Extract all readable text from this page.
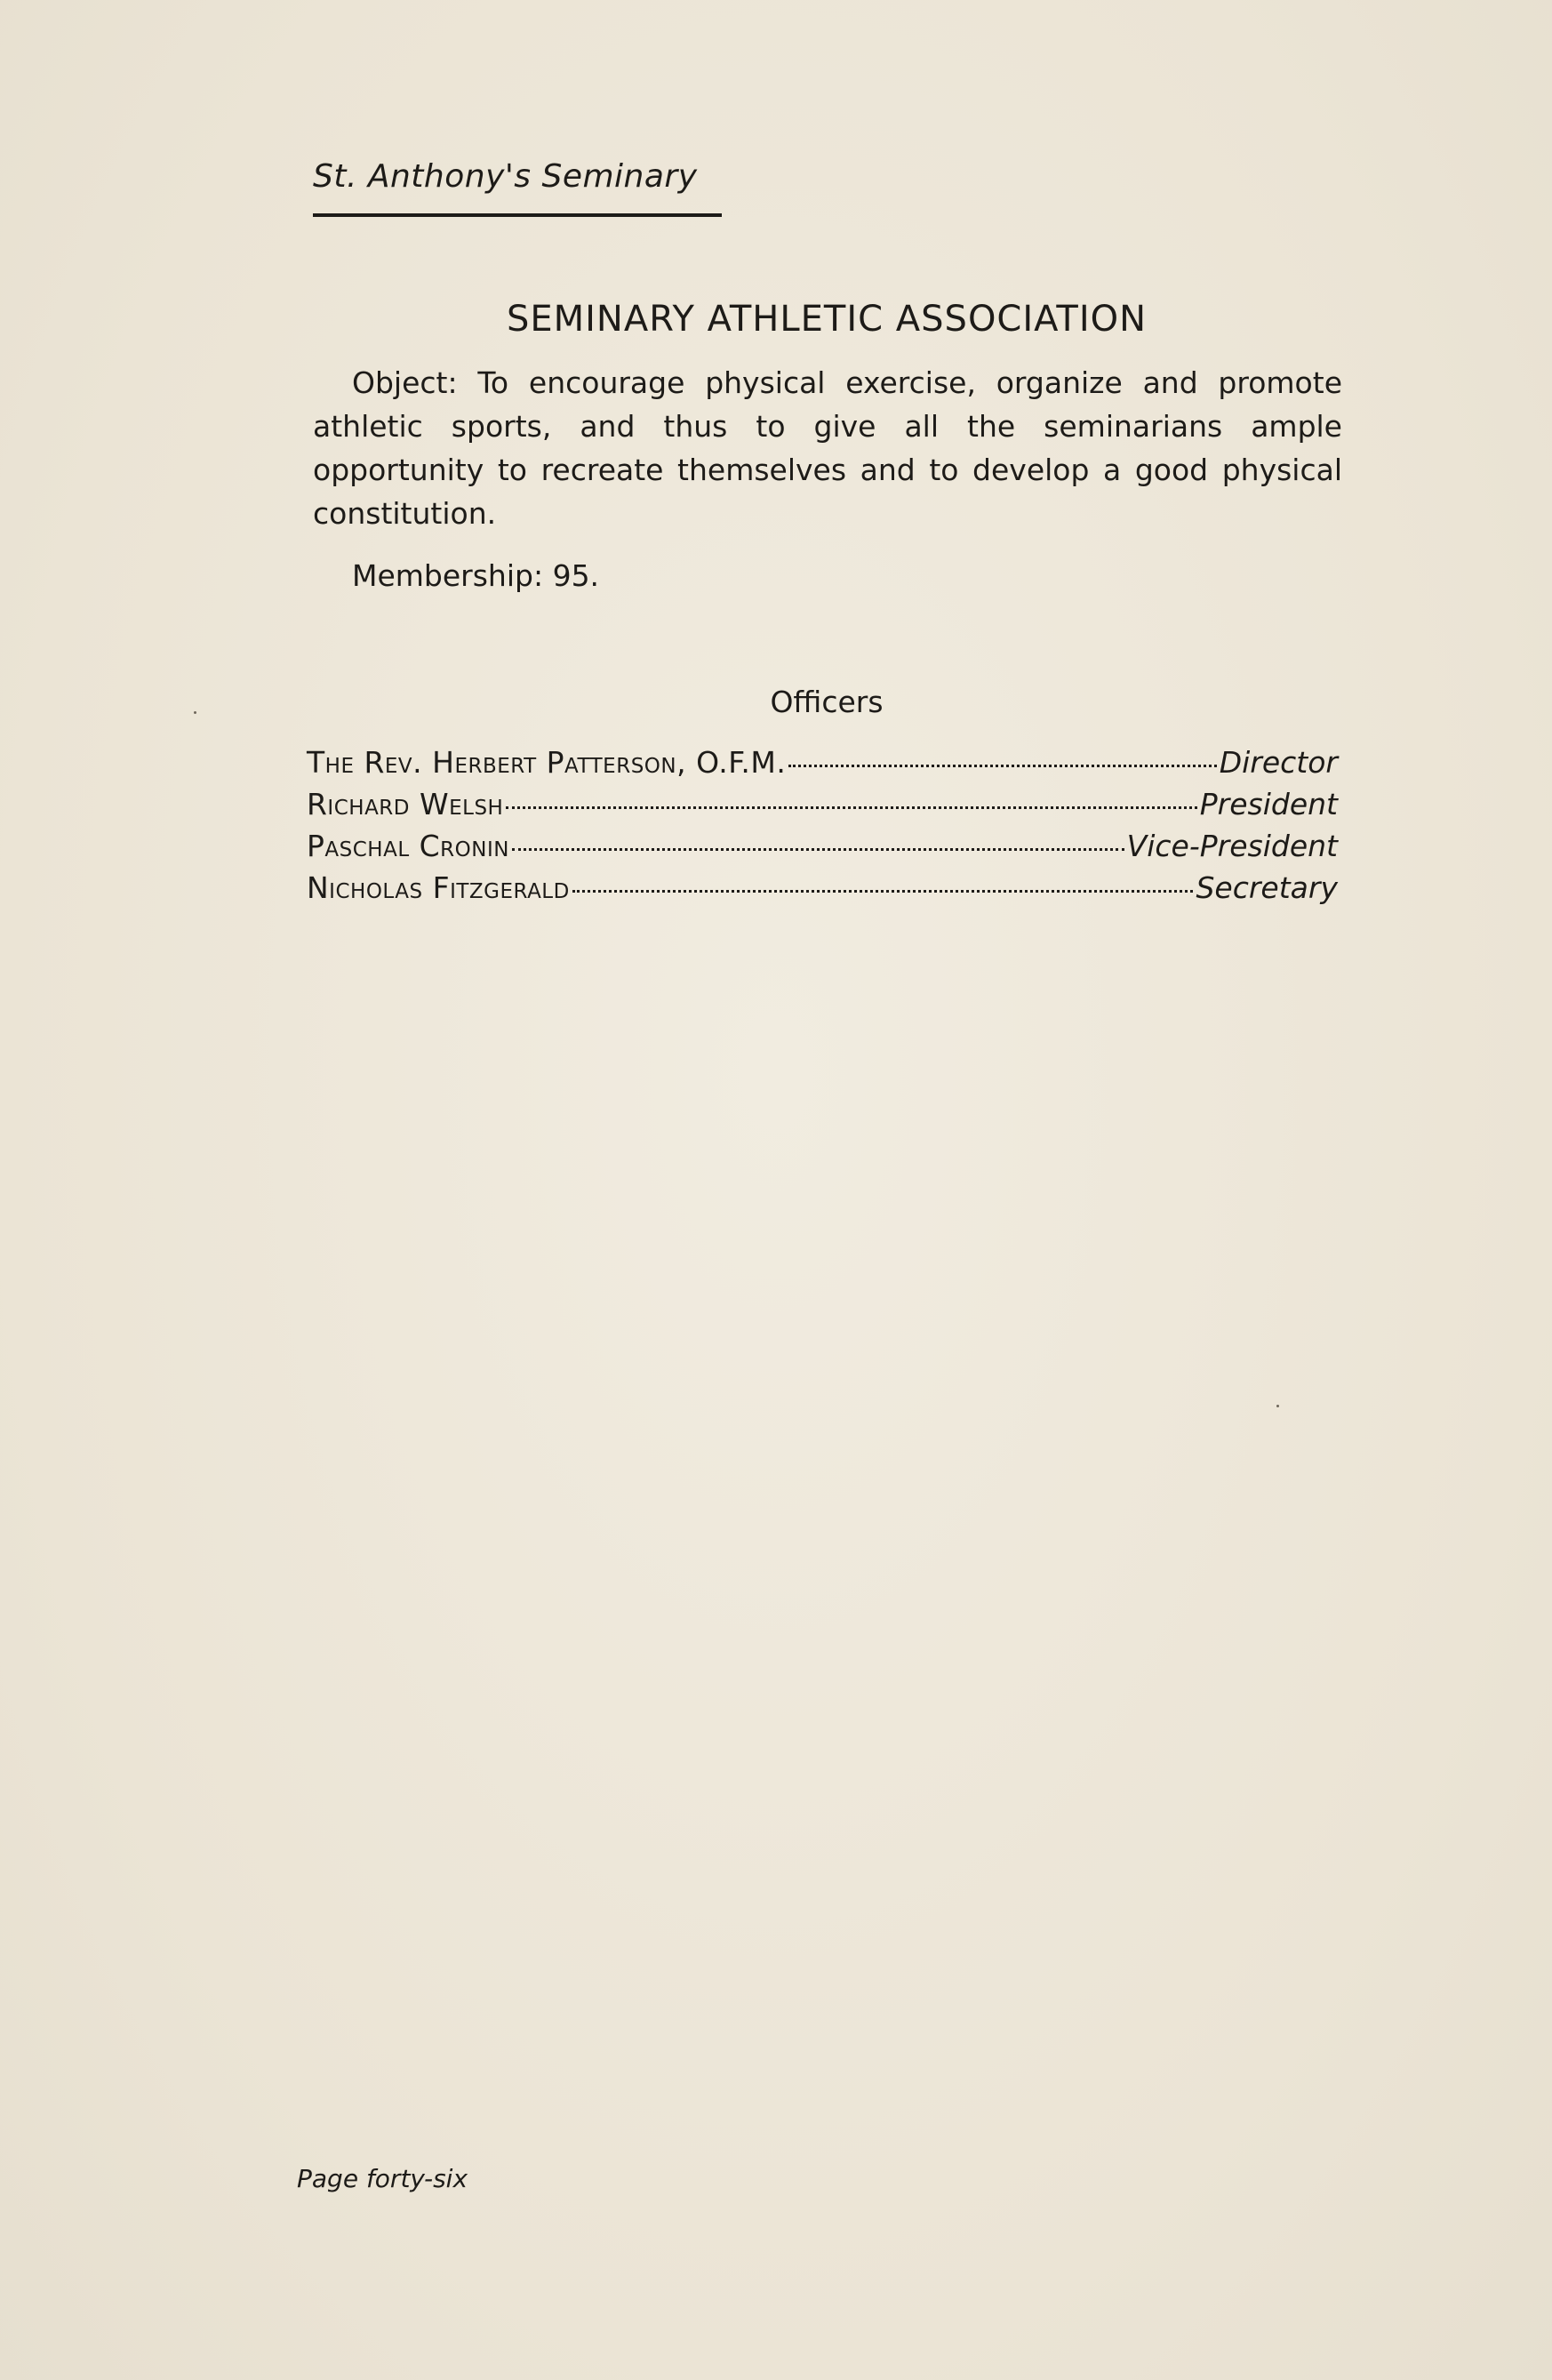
St. Anthony's Seminary
SEMINARY ATHLETIC ASSOCIATION
Object: To encourage physical exercise, organize and promote athletic sports, and thus to give all the seminarians ample opportunity to recreate themselves and to develop a good physical constitution.
Membership: 95.
Officers
The Rev. Herbert Patterson, O.F.M.	Director
Richard Welsh	President
Paschal Cronin	Vice-President
Nicholas Fitzgerald	Secretary
Page forty-six
